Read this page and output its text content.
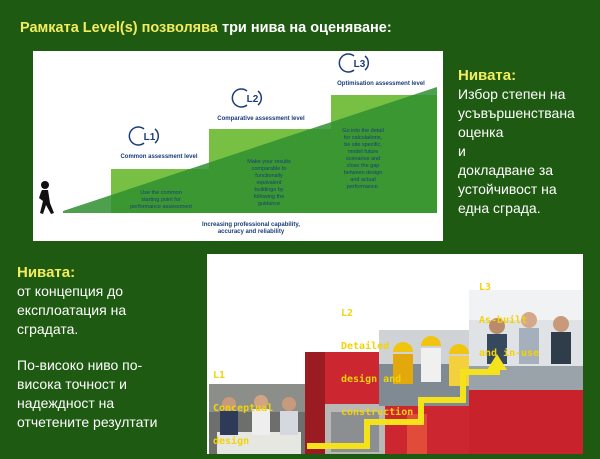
Рамката Level(s) позволява три нива на оценяване:
L1
L2
L3
Common assessment level
Comparative assessment level
Optimisation assessment level
Use the common
starting point for
performance assessment
Make your results
comparable to
functionally
equivalent
buildings by
following the
guidance
Go into the detail
for calculations,
be site specific,
model future
scenarios and
close the gap
between design
and actual
performance.
Increasing professional capability,
accuracy and reliability
Нивата:
Избор степен на
усъвършенствана
оценка
и
докладване за
устойчивост на
една сграда.
Нивата:

от концепция до

експлоатация на

сградата.

По-високо ниво по-

висока точност и

надеждност на

отчетените резултати

L1

Conceptual

design

L2

Detailed

design and

construction

L3

As-built

and in-use
